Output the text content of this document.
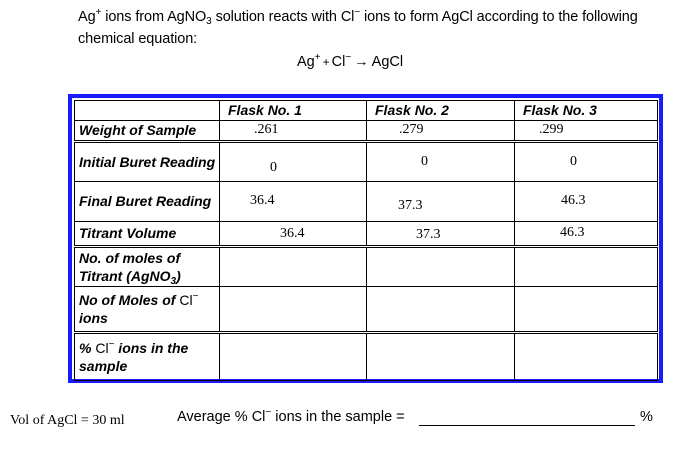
Ag+ ions from AgNO$_3$ solution reacts with Cl− ions to form AgCl according to the following chemical equation:
Ag+ + Cl− → AgCl
	Flask No. 1	Flask No. 2	Flask No. 3
Weight of Sample	.261	.279	.299
Initial Buret Reading	0	0	0
Final Buret Reading	36.4	37.3	46.3
Titrant Volume	36.4	37.3	46.3
No. of moles of Titrant (AgNO$_3$)			
No of Moles of Cl− ions			
% Cl− ions in the sample			
Vol of AgCl = 30 ml	Average % Cl− ions in the sample =	%
